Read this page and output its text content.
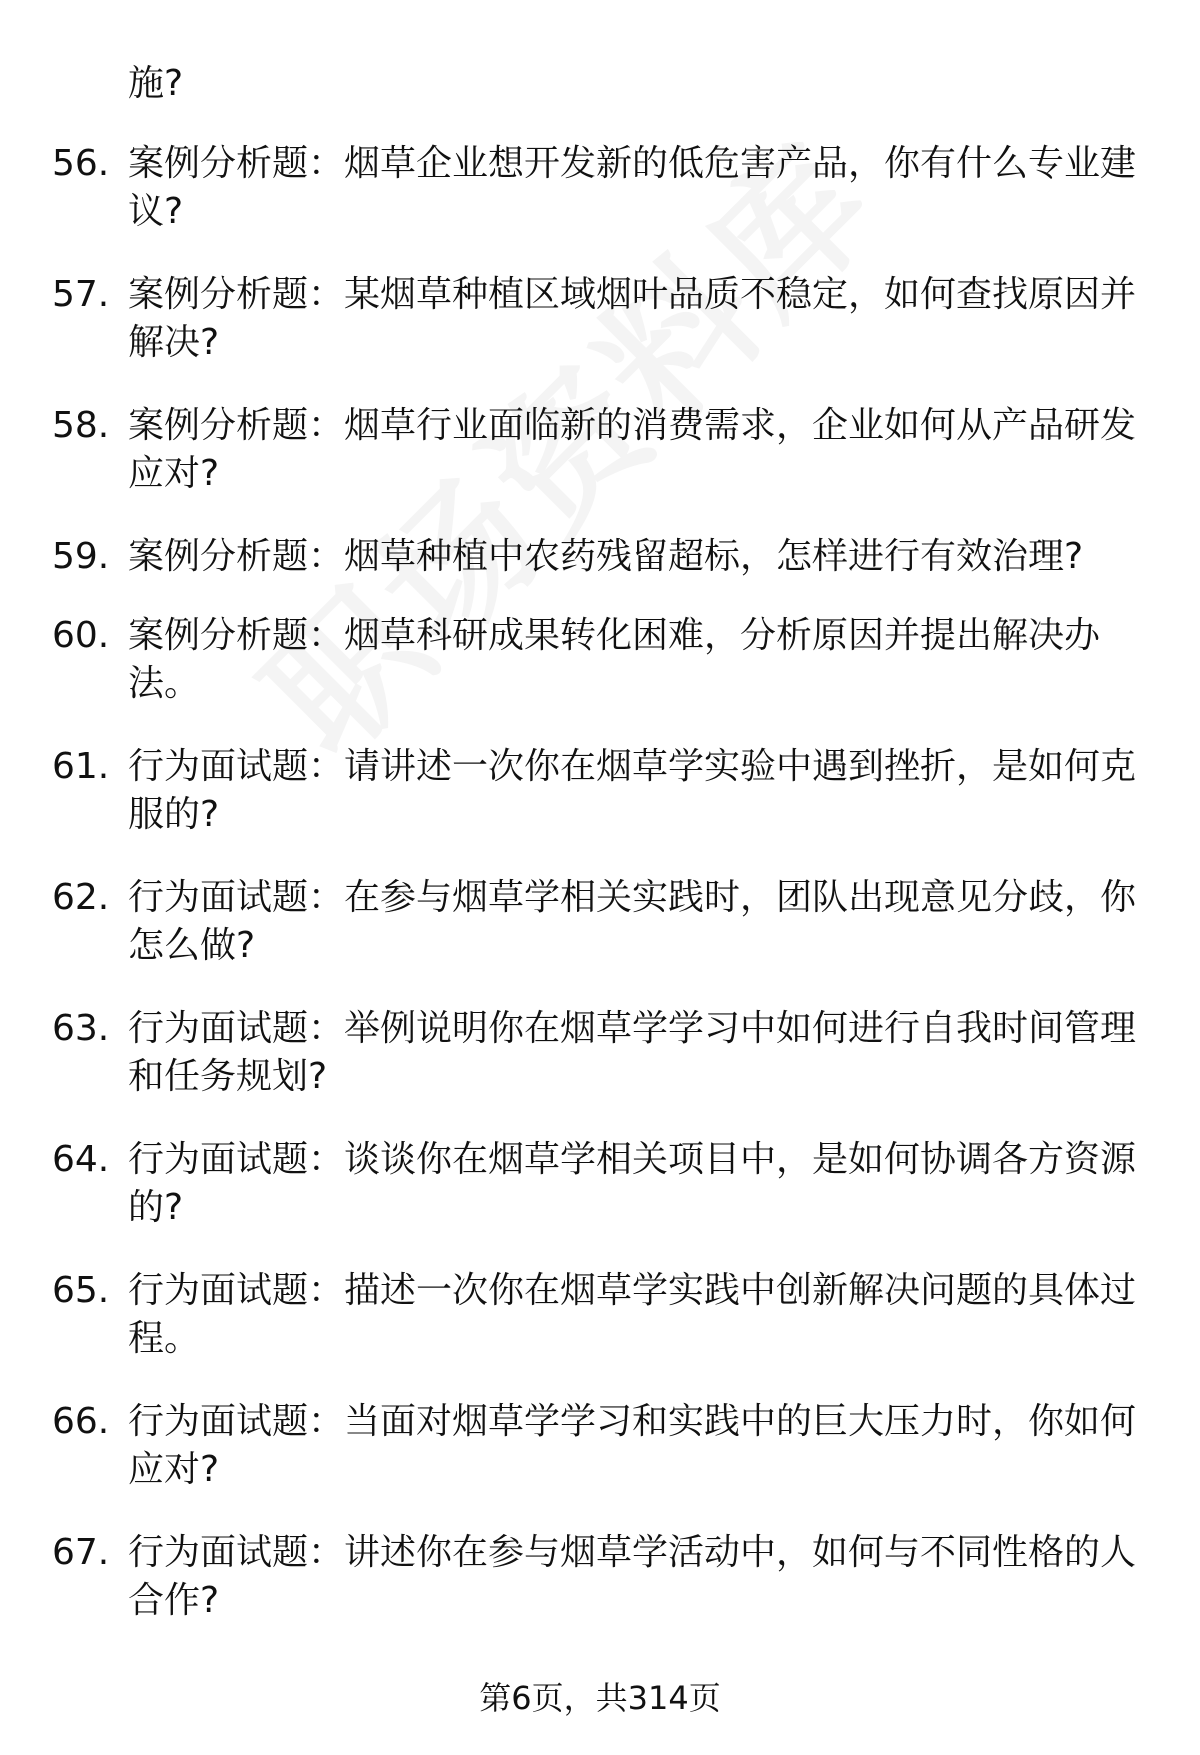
施?
56. 案例分析题：烟草企业想开发新的低危害产品，你有什么专业建议?
57. 案例分析题：某烟草种植区域烟叶品质不稳定，如何查找原因并解决?
58. 案例分析题：烟草行业面临新的消费需求，企业如何从产品研发应对?
59. 案例分析题：烟草种植中农药残留超标，怎样进行有效治理?
60. 案例分析题：烟草科研成果转化困难，分析原因并提出解决办法。
61. 行为面试题：请讲述一次你在烟草学实验中遇到挫折，是如何克服的?
62. 行为面试题：在参与烟草学相关实践时，团队出现意见分歧，你怎么做?
63. 行为面试题：举例说明你在烟草学学习中如何进行自我时间管理和任务规划?
64. 行为面试题：谈谈你在烟草学相关项目中，是如何协调各方资源的?
65. 行为面试题：描述一次你在烟草学实践中创新解决问题的具体过程。
66. 行为面试题：当面对烟草学学习和实践中的巨大压力时，你如何应对?
67. 行为面试题：讲述你在参与烟草学活动中，如何与不同性格的人合作?
第6页，共314页
